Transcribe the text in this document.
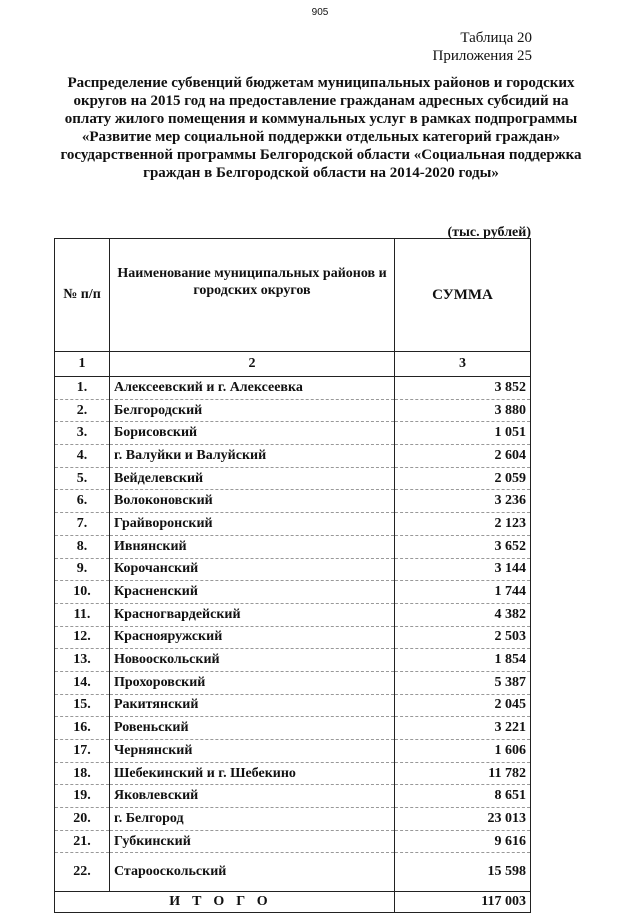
905
Таблица 20
Приложения 25
Распределение субвенций бюджетам муниципальных районов и городских округов на 2015 год на предоставление гражданам адресных субсидий на оплату жилого помещения и коммунальных услуг в рамках подпрограммы «Развитие мер социальной поддержки отдельных категорий граждан» государственной программы Белгородской области «Социальная поддержка граждан в Белгородской области на 2014-2020 годы»
(тыс. рублей)
№ п/п	Наименование муниципальных районов и городских округов	СУММА
1	2	3
1.	Алексеевский и г. Алексеевка	3 852
2.	Белгородский	3 880
3.	Борисовский	1 051
4.	г. Валуйки и Валуйский	2 604
5.	Вейделевский	2 059
6.	Волоконовский	3 236
7.	Грайворонский	2 123
8.	Ивнянский	3 652
9.	Корочанский	3 144
10.	Красненский	1 744
11.	Красногвардейский	4 382
12.	Краснояружский	2 503
13.	Новооскольский	1 854
14.	Прохоровский	5 387
15.	Ракитянский	2 045
16.	Ровеньский	3 221
17.	Чернянский	1 606
18.	Шебекинский и г. Шебекино	11 782
19.	Яковлевский	8 651
20.	г. Белгород	23 013
21.	Губкинский	9 616
22.	Старооскольский	15 598
ИТОГО		117 003
